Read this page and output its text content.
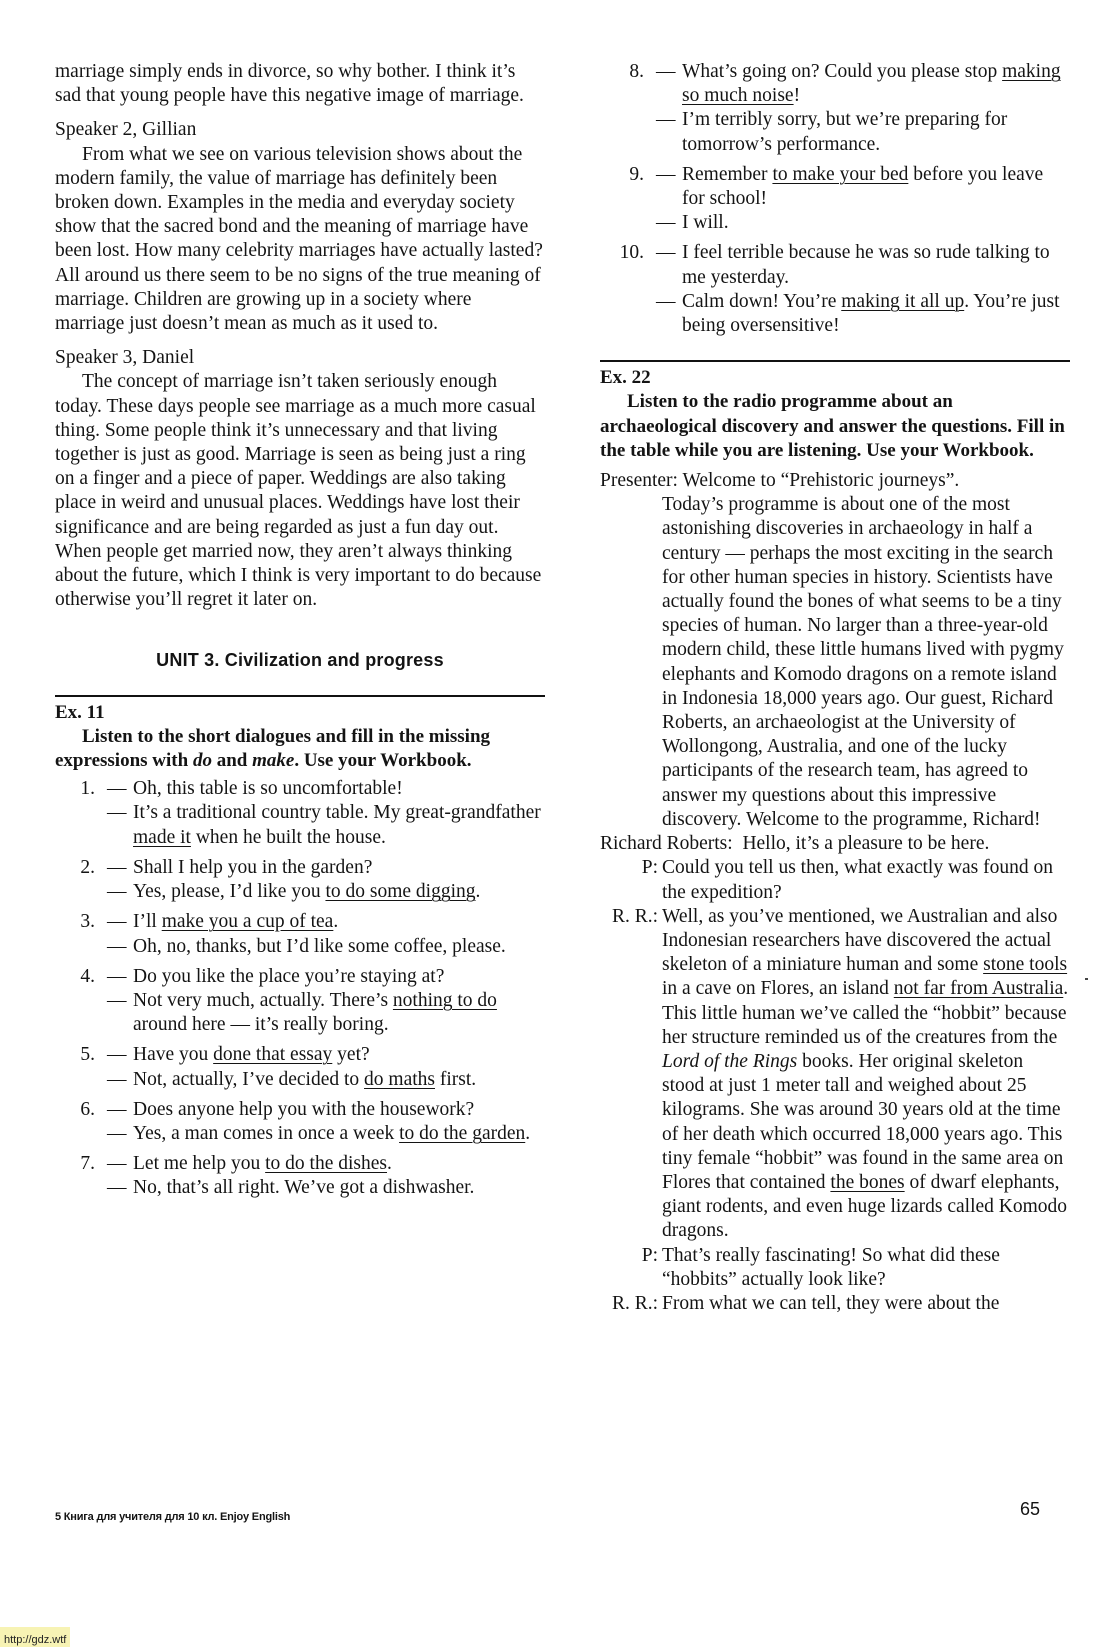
marriage simply ends in divorce, so why bother. I think it’s sad that young people have this negative image of marriage.

Speaker 2, Gillian

From what we see on various television shows about the modern family, the value of marriage has definitely been broken down. Examples in the media and everyday society show that the sacred bond and the meaning of marriage have been lost. How many celebrity marriages have actually lasted? All around us there seem to be no signs of the true meaning of marriage. Children are growing up in a society where marriage just doesn’t mean as much as it used to.

Speaker 3, Daniel

The concept of marriage isn’t taken seriously enough today. These days people see marriage as a much more casual thing. Some people think it’s unnecessary and that living together is just as good. Marriage is seen as being just a ring on a finger and a piece of paper. Weddings are also taking place in weird and unusual places. Weddings have lost their significance and are being regarded as just a fun day out. When people get married now, they aren’t always thinking about the future, which I think is very important to do because otherwise you’ll regret it later on.

UNIT 3. Civilization and progress
Ex. 11
Listen to the short dialogues and fill in the missing expressions with do and make. Use your Workbook.
1. — Oh, this table is so uncomfortable!
— It’s a traditional country table. My great-grandfather made it when he built the house.
2. — Shall I help you in the garden?
— Yes, please, I’d like you to do some digging.
3. — I’ll make you a cup of tea.
— Oh, no, thanks, but I’d like some coffee, please.
4. — Do you like the place you’re staying at?
— Not very much, actually. There’s nothing to do around here — it’s really boring.
5. — Have you done that essay yet?
— Not, actually, I’ve decided to do maths first.
6. — Does anyone help you with the housework?
— Yes, a man comes in once a week to do the garden.
7. — Let me help you to do the dishes.
— No, that’s all right. We’ve got a dishwasher.
8. — What’s going on? Could you please stop making so much noise!
— I’m terribly sorry, but we’re preparing for tomorrow’s performance.
9. — Remember to make your bed before you leave for school!
— I will.
10. — I feel terrible because he was so rude talking to me yesterday.
— Calm down! You’re making it all up. You’re just being oversensitive!
Ex. 22
Listen to the radio programme about an archaeological discovery and answer the questions. Fill in the table while you are listening. Use your Workbook.

Presenter: Welcome to “Prehistoric journeys”.

Today’s programme is about one of the most astonishing discoveries in archaeology in half a century — perhaps the most exciting in the search for other human species in history. Scientists have actually found the bones of what seems to be a tiny species of human. No larger than a three-year-old modern child, these little humans lived with pygmy elephants and Komodo dragons on a remote island in Indonesia 18,000 years ago. Our guest, Richard Roberts, an archaeologist at the University of Wollongong, Australia, and one of the lucky participants of the research team, has agreed to answer my questions about this impressive discovery. Welcome to the programme, Richard!

Richard Roberts: Hello, it’s a pleasure to be here.

P: Could you tell us then, what exactly was found on the expedition?
R. R.: Well, as you’ve mentioned, we Australian and also Indonesian researchers have discovered the actual skeleton of a miniature human and some stone tools in a cave on Flores, an island not far from Australia. This little human we’ve called the “hobbit” because her structure reminded us of the creatures from the Lord of the Rings books. Her original skeleton stood at just 1 meter tall and weighed about 25 kilograms. She was around 30 years old at the time of her death which occurred 18,000 years ago. This tiny female “hobbit” was found in the same area on Flores that contained the bones of dwarf elephants, giant rodents, and even huge lizards called Komodo dragons.
P: That’s really fascinating! So what did these “hobbits” actually look like?
R. R.: From what we can tell, they were about the
5 Книга для учителя для 10 кл. Enjoy English	65
http://gdz.wtf
